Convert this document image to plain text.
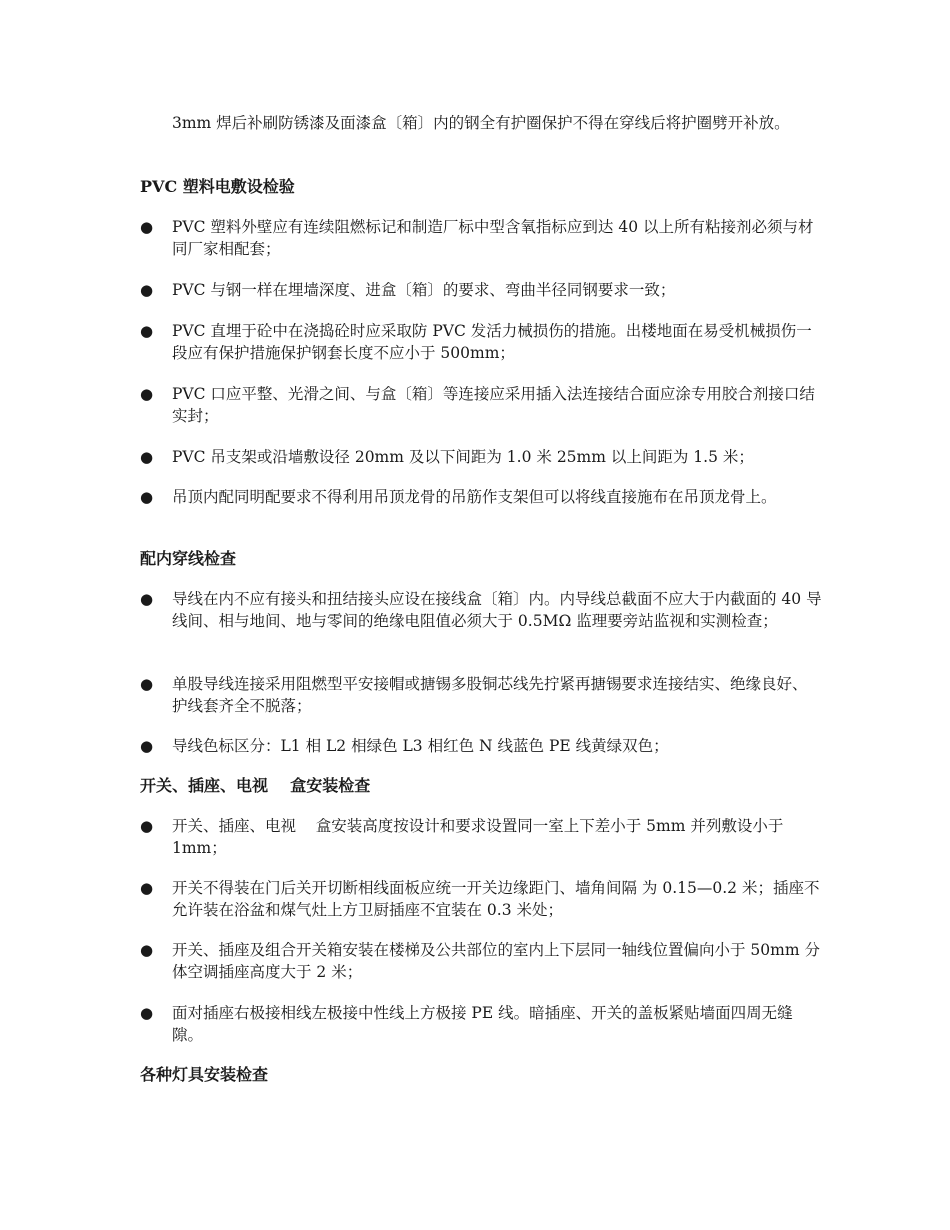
3mm 焊后补刷防锈漆及面漆盒〔箱〕内的钢全有护圈保护不得在穿线后将护圈劈开补放。
PVC 塑料电敷设检验
●	PVC 塑料外壁应有连续阻燃标记和制造厂标中型含氧指标应到达 40 以上所有粘接剂必须与材同厂家相配套；
●	PVC 与钢一样在埋墙深度、进盒〔箱〕的要求、弯曲半径同钢要求一致；
●	PVC 直埋于砼中在浇捣砼时应采取防 PVC 发活力械损伤的措施。出楼地面在易受机械损伤一段应有保护措施保护钢套长度不应小于 500mm；
●	PVC 口应平整、光滑之间、与盒〔箱〕等连接应采用插入法连接结合面应涂专用胶合剂接口结实封；
●	PVC 吊支架或沿墙敷设径 20mm 及以下间距为 1.0 米 25mm 以上间距为 1.5 米；
●	吊顶内配同明配要求不得利用吊顶龙骨的吊筋作支架但可以将线直接施布在吊顶龙骨上。
配内穿线检查
●	导线在内不应有接头和扭结接头应设在接线盒〔箱〕内。内导线总截面不应大于内截面的 40 导线间、相与地间、地与零间的绝缘电阻值必须大于 0.5MΩ 监理要旁站监视和实测检查；
●	单股导线连接采用阻燃型平安接帽或搪锡多股铜芯线先拧紧再搪锡要求连接结实、绝缘良好、护线套齐全不脱落；
●	导线色标区分：L1 相 L2 相绿色 L3 相红色 N 线蓝色 PE 线黄绿双色；
开关、插座、电视    盒安装检查
●	开关、插座、电视    盒安装高度按设计和要求设置同一室上下差小于 5mm 并列敷设小于 1mm；
●	开关不得装在门后关开切断相线面板应统一开关边缘距门、墙角间隔 为 0.15—0.2 米；插座不允许装在浴盆和煤气灶上方卫厨插座不宜装在 0.3 米处；
●	开关、插座及组合开关箱安装在楼梯及公共部位的室内上下层同一轴线位置偏向小于 50mm 分体空调插座高度大于 2 米；
●	面对插座右极接相线左极接中性线上方极接 PE 线。暗插座、开关的盖板紧贴墙面四周无缝隙。
各种灯具安装检查
